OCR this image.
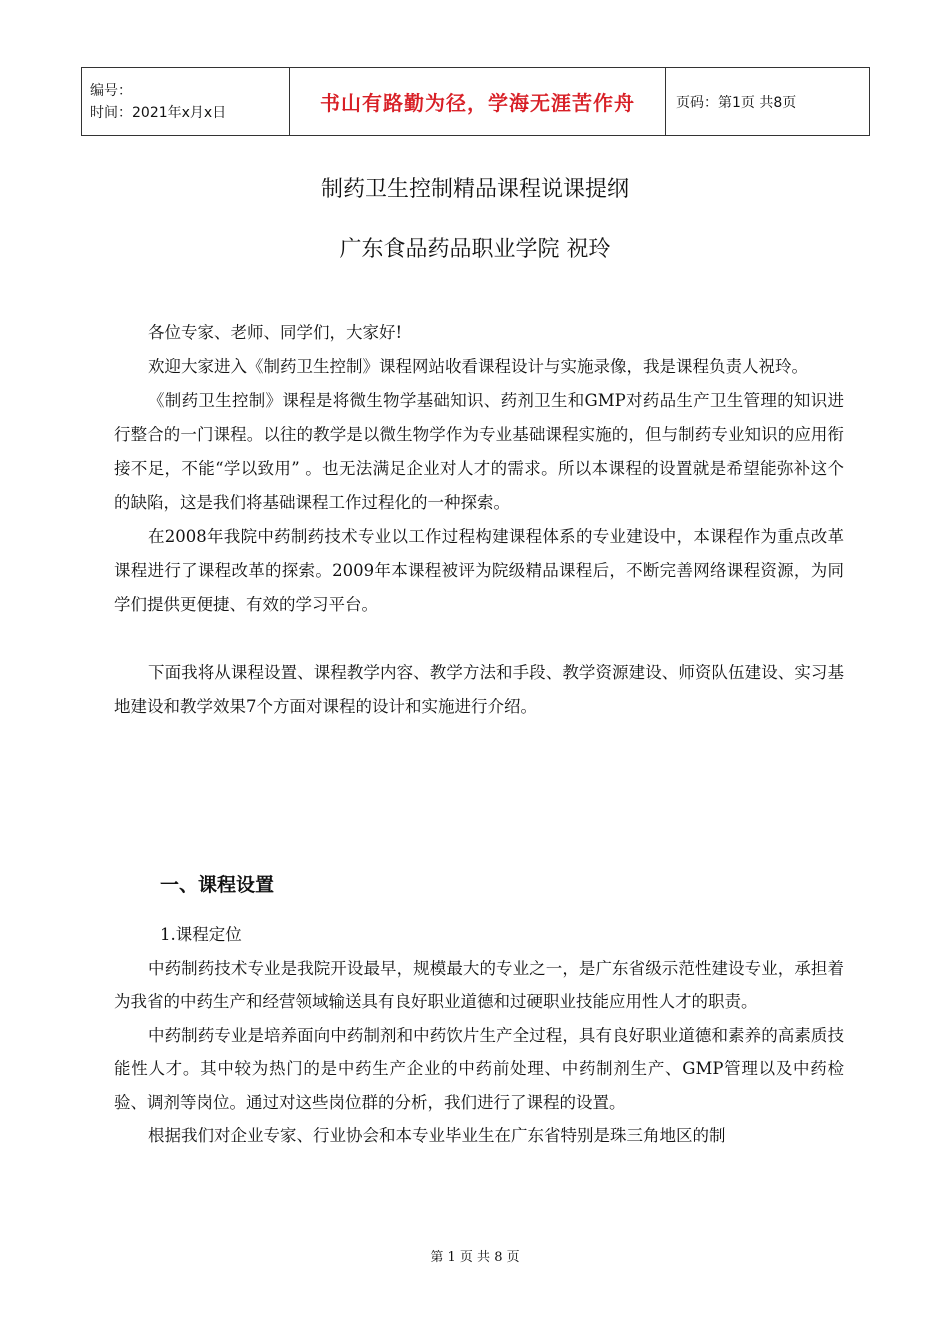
编号：
时间：2021年x月x日	书山有路勤为径，学海无涯苦作舟	页码：第1页 共8页
制药卫生控制精品课程说课提纲
广东食品药品职业学院 祝玲

各位专家、老师、同学们，大家好!

欢迎大家进入《制药卫生控制》课程网站收看课程设计与实施录像，我是课程负责人祝玲。

《制药卫生控制》课程是将微生物学基础知识、药剂卫生和GMP对药品生产卫生管理的知识进行整合的一门课程。以往的教学是以微生物学作为专业基础课程实施的，但与制药专业知识的应用衔接不足，不能“学以致用” 。也无法满足企业对人才的需求。所以本课程的设置就是希望能弥补这个的缺陷，这是我们将基础课程工作过程化的一种探索。

在2008年我院中药制药技术专业以工作过程构建课程体系的专业建设中，本课程作为重点改革课程进行了课程改革的探索。2009年本课程被评为院级精品课程后，不断完善网络课程资源，为同学们提供更便捷、有效的学习平台。

下面我将从课程设置、课程教学内容、教学方法和手段、教学资源建设、师资队伍建设、实习基地建设和教学效果7个方面对课程的设计和实施进行介绍。

一、课程设置

1.课程定位

中药制药技术专业是我院开设最早，规模最大的专业之一，是广东省级示范性建设专业，承担着为我省的中药生产和经营领域输送具有良好职业道德和过硬职业技能应用性人才的职责。

中药制药专业是培养面向中药制剂和中药饮片生产全过程，具有良好职业道德和素养的高素质技能性人才。其中较为热门的是中药生产企业的中药前处理、中药制剂生产、GMP管理以及中药检验、调剂等岗位。通过对这些岗位群的分析，我们进行了课程的设置。

根据我们对企业专家、行业协会和本专业毕业生在广东省特别是珠三角地区的制

第 1 页 共 8 页
